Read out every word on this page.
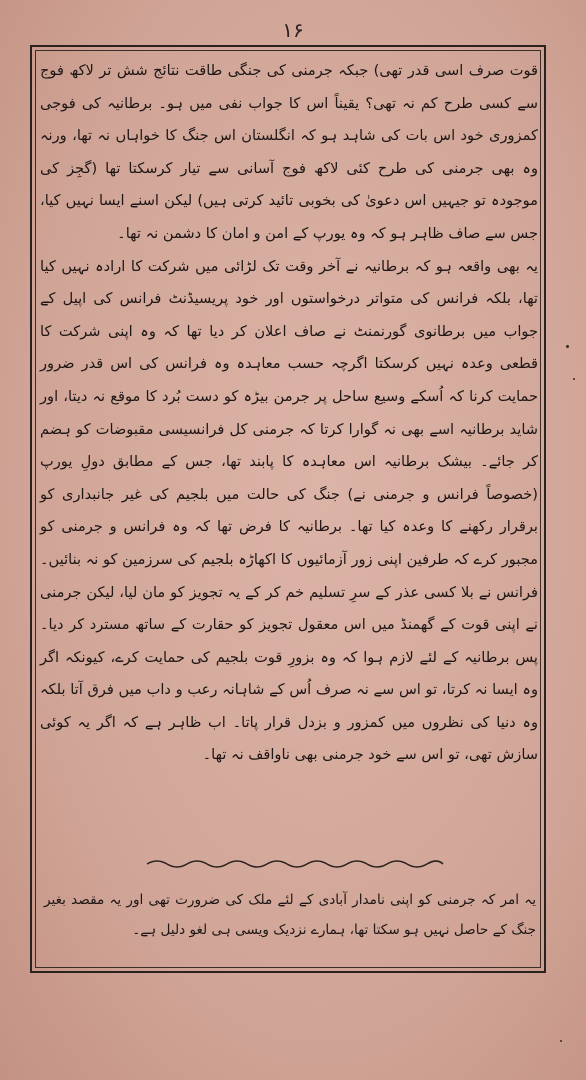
۱۶

قوت صرف اسی قدر تھی) جبکہ جرمنی کی جنگی طاقت نتائج شش تر لاکھ فوج سے کسی طرح کم نہ تھی؟ یقیناً اس کا جواب نفی میں ہو۔ برطانیہ کی فوجی کمزوری خود اس بات کی شاہد ہو کہ انگلستان اس جنگ کا خواہاں نہ تھا، ورنہ وہ بھی جرمنی کی طرح کئی لاکھ فوج آسانی سے تیار کرسکتا تھا (گجِز کی موجودہ تو جیہیں اس دعویٰ کی بخوبی تائید کرتی ہیں) لیکن اسنے ایسا نہیں کیا، جس سے صاف ظاہر ہو کہ وہ یورپ کے امن و امان کا دشمن نہ تھا۔

یہ بھی واقعہ ہو کہ برطانیہ نے آخر وقت تک لڑائی میں شرکت کا ارادہ نہیں کیا تھا، بلکہ فرانس کی متواتر درخواستوں اور خود پریسیڈنٹ فرانس کی اپیل کے جواب میں برطانوی گورنمنٹ نے صاف اعلان کر دیا تھا کہ وہ اپنی شرکت کا قطعی وعدہ نہیں کرسکتا اگرچہ حسب معاہدہ وہ فرانس کی اس قدر ضرور حمایت کرنا کہ اُسکے وسیع ساحل پر جرمن بیڑہ کو دست بُرد کا موقع نہ دیتا، اور شاید برطانیہ اسے بھی نہ گوارا کرتا کہ جرمنی کل فرانسیسی مقبوضات کو ہضم کر جائے۔ بیشک برطانیہ اس معاہدہ کا پابند تھا، جس کے مطابق دولِ یورپ (خصوصاً فرانس و جرمنی نے) جنگ کی حالت میں بلجیم کی غیر جانبداری کو برقرار رکھنے کا وعدہ کیا تھا۔ برطانیہ کا فرض تھا کہ وہ فرانس و جرمنی کو مجبور کرے کہ طرفین اپنی زور آزمائیوں کا اکھاڑہ بلجیم کی سرزمین کو نہ بنائیں۔ فرانس نے بلا کسی عذر کے سرِ تسلیم خم کر کے یہ تجویز کو مان لیا، لیکن جرمنی نے اپنی قوت کے گھمنڈ میں اس معقول تجویز کو حقارت کے ساتھ مسترد کر دیا۔ پس برطانیہ کے لئے لازم ہوا کہ وہ بزورِ قوت بلجیم کی حمایت کرے، کیونکہ اگر وہ ایسا نہ کرتا، تو اس سے نہ صرف اُس کے شاہانہ رعب و داب میں فرق آتا بلکہ وہ دنیا کی نظروں میں کمزور و بزدل قرار پاتا۔ اب ظاہر ہے کہ اگر یہ کوئی سازش تھی، تو اس سے خود جرمنی بھی ناواقف نہ تھا۔

یہ امر کہ جرمنی کو اپنی نامدار آبادی کے لئے ملک کی ضرورت تھی اور یہ مقصد بغیر جنگ کے حاصل نہیں ہو سکتا تھا، ہمارے نزدیک ویسی ہی لغو دلیل ہے۔
